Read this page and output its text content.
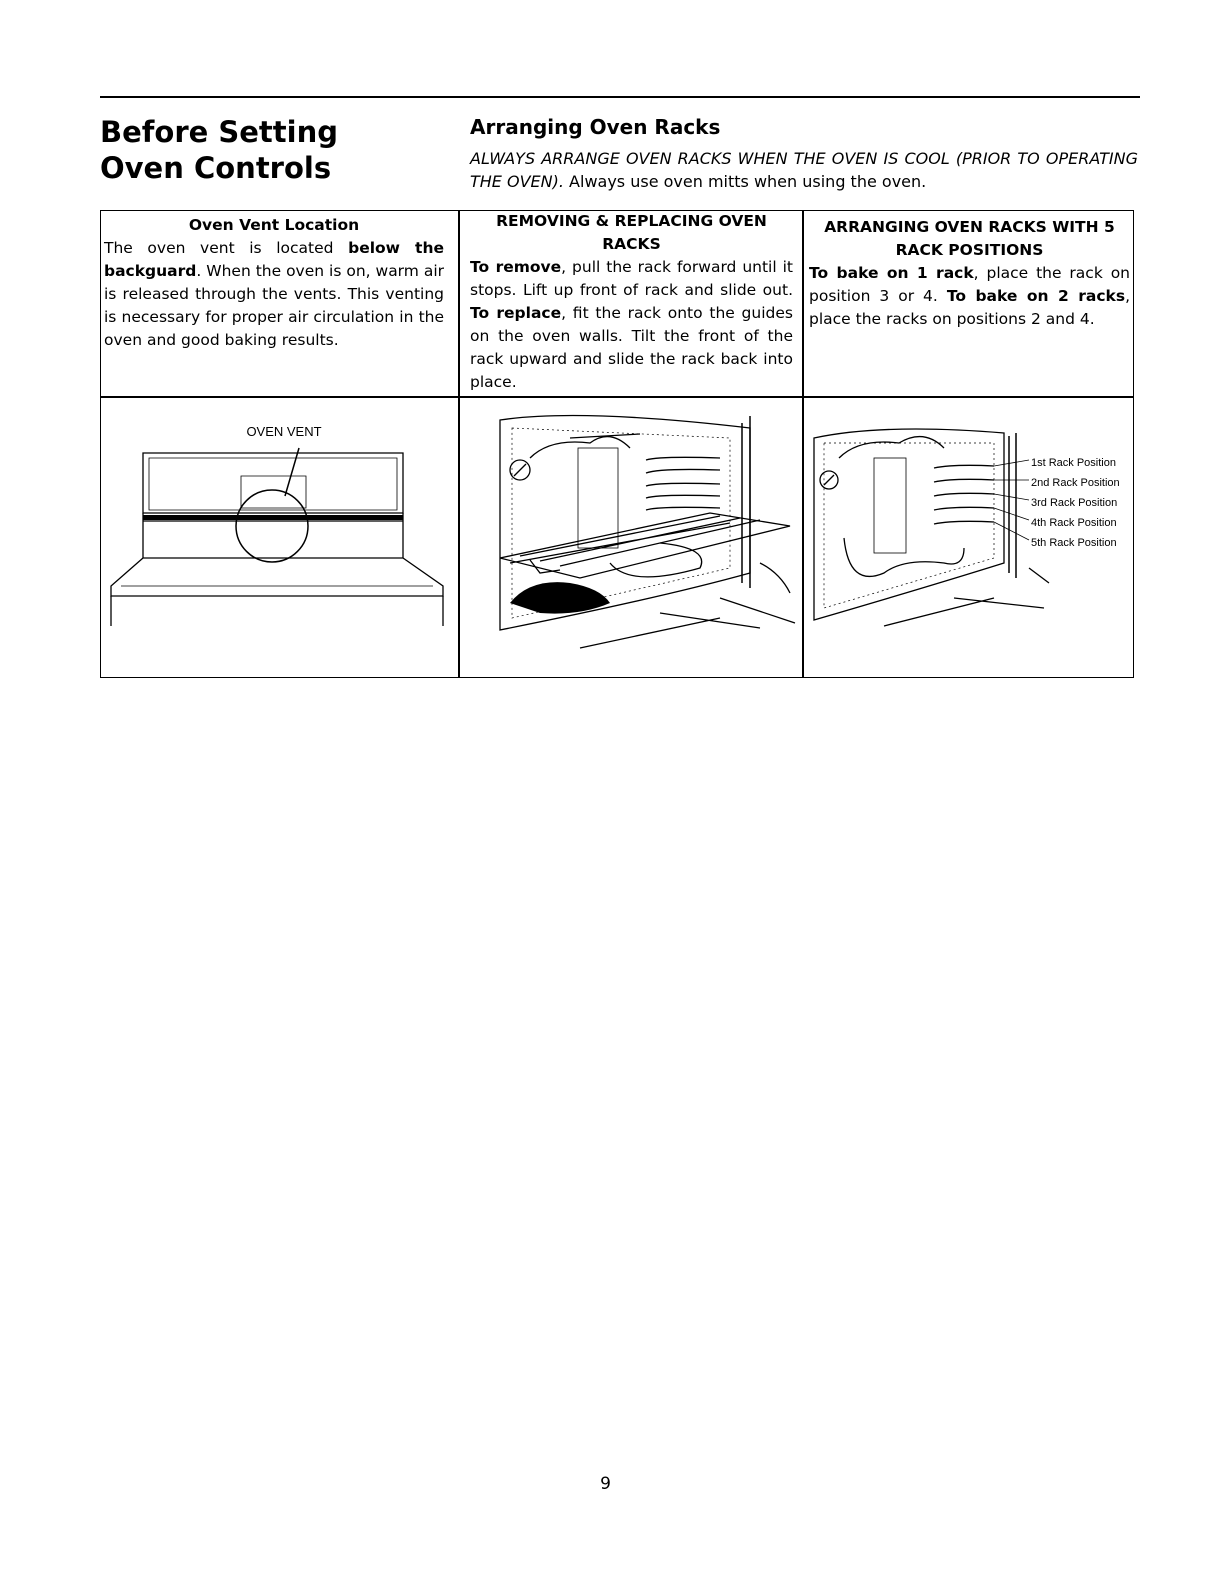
Before Setting Oven Controls
Arranging Oven Racks
ALWAYS ARRANGE OVEN RACKS WHEN THE OVEN IS COOL (PRIOR TO OPERATING THE OVEN). Always use oven mitts when using the oven.
Oven Vent Location
The oven vent is located below the backguard. When the oven is on, warm air is released through the vents. This venting is necessary for proper air circulation in the oven and good baking results.
REMOVING & REPLACING OVEN RACKS
To remove, pull the rack forward until it stops. Lift up front of rack and slide out. To replace, fit the rack onto the guides on the oven walls. Tilt the front of the rack upward and slide the rack back into place.
ARRANGING OVEN RACKS WITH 5 RACK POSITIONS
To bake on 1 rack, place the rack on position 3 or 4. To bake on 2 racks, place the racks on positions 2 and 4.
OVEN VENT
1st Rack Position
2nd Rack Position
3rd Rack Position
4th Rack Position
5th Rack Position
9
